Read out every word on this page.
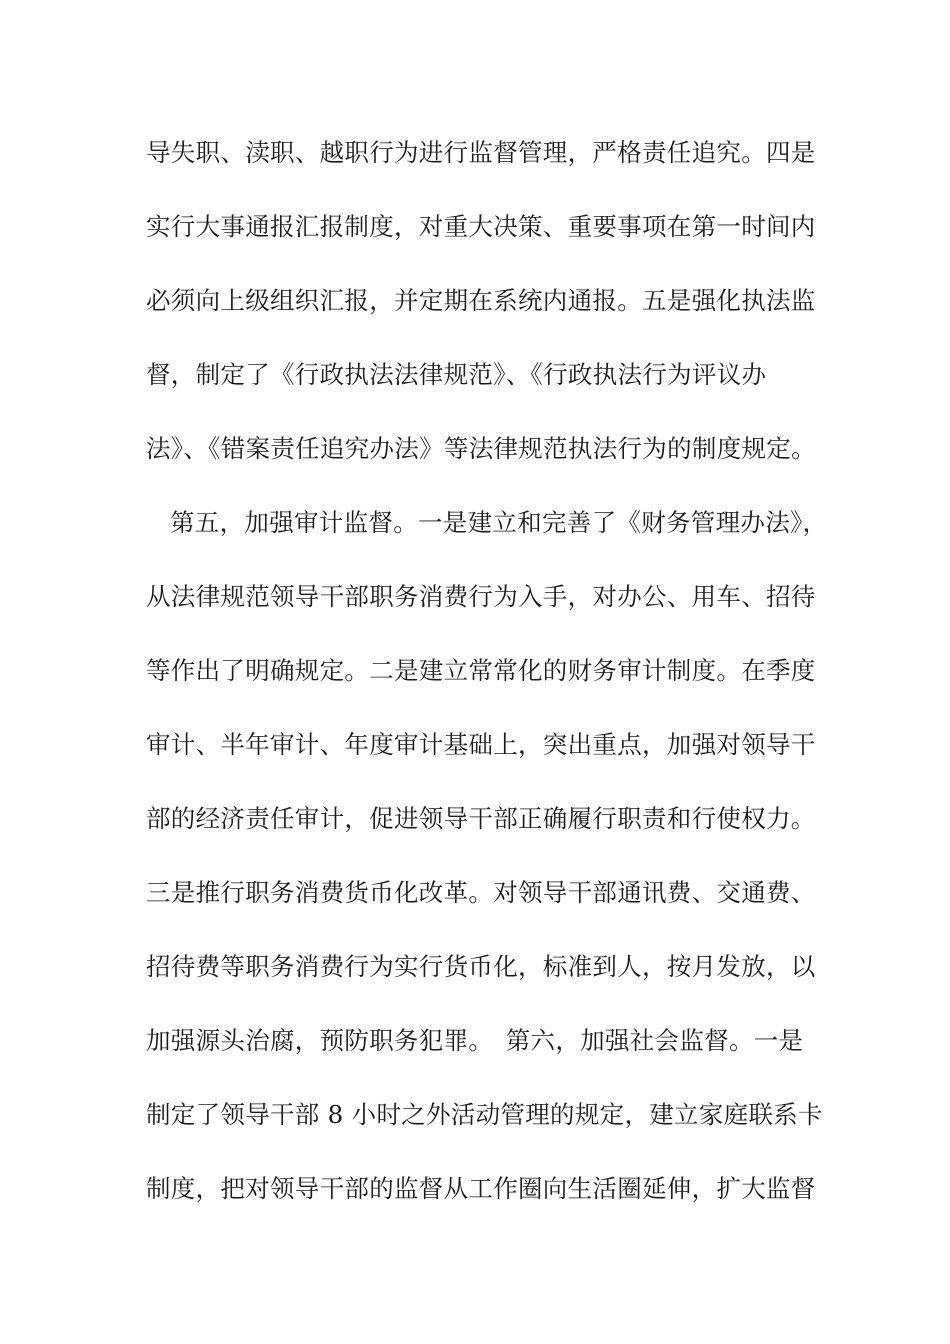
导失职、渎职、越职行为进行监督管理，严格责任追究。四是
实行大事通报汇报制度，对重大决策、重要事项在第一时间内
必须向上级组织汇报，并定期在系统内通报。五是强化执法监
督，制定了《行政执法法律规范》、《行政执法行为评议办
法》、《错案责任追究办法》等法律规范执法行为的制度规定。
第五，加强审计监督。一是建立和完善了《财务管理办法》，
从法律规范领导干部职务消费行为入手，对办公、用车、招待
等作出了明确规定。二是建立常常化的财务审计制度。在季度
审计、半年审计、年度审计基础上，突出重点，加强对领导干
部的经济责任审计，促进领导干部正确履行职责和行使权力。
三是推行职务消费货币化改革。对领导干部通讯费、交通费、
招待费等职务消费行为实行货币化，标准到人，按月发放，以
加强源头治腐，预防职务犯罪。　第六，加强社会监督。一是
制定了领导干部 8 小时之外活动管理的规定，建立家庭联系卡
制度，把对领导干部的监督从工作圈向生活圈延伸，扩大监督
